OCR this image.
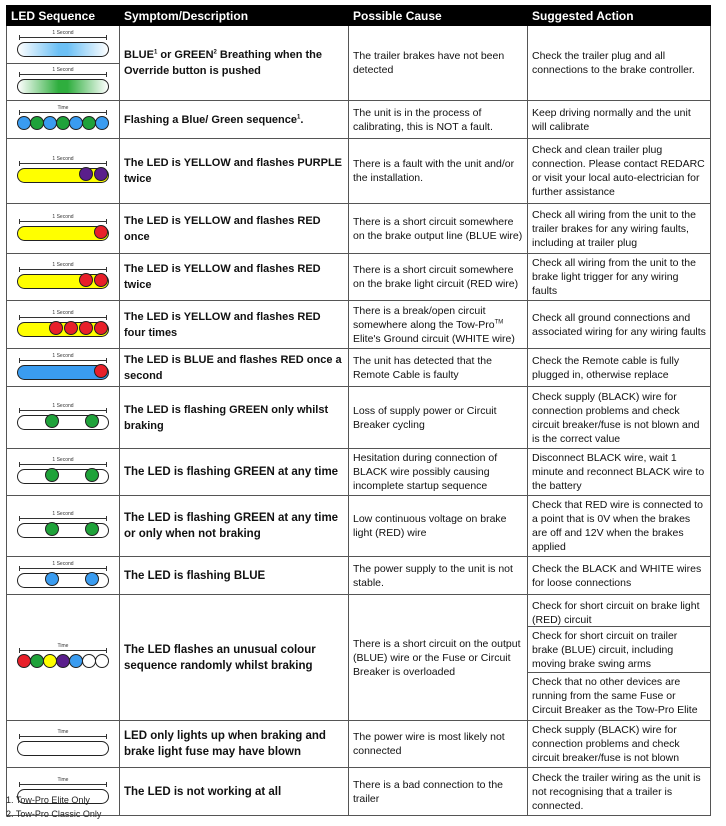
LED Sequence	Symptom/Description	Possible Cause	Suggested Action

1 Second	BLUE$^1$ or GREEN$^2$ Breathing when the Override button is pushed	The trailer brakes have not been detected	Check the trailer plug and all connections to the brake controller.

1 Second			

Time	Flashing a Blue/ Green sequence$^1$.	The unit is in the process of calibrating, this is NOT a fault.	Keep driving normally and the unit will calibrate

1 Second	The LED is YELLOW and flashes PURPLE twice	There is a fault with the unit and/or the installation.	Check and clean trailer plug connection. Please contact REDARC or visit your local auto-electrician for further assistance

1 Second	The LED is YELLOW and flashes RED once	There is a short circuit somewhere on the brake output line (BLUE wire)	Check all wiring from the unit to the trailer brakes for any wiring faults, including at trailer plug

1 Second	The LED is YELLOW and flashes RED twice	There is a short circuit somewhere on the brake light circuit (RED wire)	Check all wiring from the unit to the brake light trigger for any wiring faults

1 Second	The LED is YELLOW and flashes RED four times	There is a break/open circuit somewhere along the Tow-Pro™ Elite's Ground circuit (WHITE wire)	Check all ground connections and associated wiring for any wiring faults

1 Second	The LED is BLUE and flashes RED once a second	The unit has detected that the Remote Cable is faulty	Check the Remote cable is fully plugged in, otherwise replace

1 Second	The LED is flashing GREEN only whilst braking	Loss of supply power or Circuit Breaker cycling	Check supply (BLACK) wire for connection problems and check circuit breaker/fuse is not blown and is the correct value

1 Second	The LED is flashing GREEN at any time	Hesitation during connection of BLACK wire possibly causing incomplete startup sequence	Disconnect BLACK wire, wait 1 minute and reconnect BLACK wire to the battery

1 Second	The LED is flashing GREEN at any time or only when not braking	Low continuous voltage on brake light (RED) wire	Check that RED wire is connected to a point that is 0V when the brakes are off and 12V when the brakes applied

1 Second	The LED is flashing BLUE	The power supply to the unit is not stable.	Check the BLACK and WHITE wires for loose connections

Time	The LED flashes an unusual colour sequence randomly whilst braking	There is a short circuit on the output (BLUE) wire or the Fuse or Circuit Breaker is overloaded	Check for short circuit on brake light (RED) circuit
Check for short circuit on trailer brake (BLUE) circuit, including moving brake swing arms
Check that no other devices are running from the same Fuse or Circuit Breaker as the Tow-Pro Elite

Time	LED only lights up when braking and brake light fuse may have blown	The power wire is most likely not connected	Check supply (BLACK) wire for connection problems and check circuit breaker/fuse is not blown

Time	The LED is not working at all	There is a bad connection to the trailer	Check the trailer wiring as the unit is not recognising that a trailer is connected.
1. Tow-Pro Elite Only
2. Tow-Pro Classic Only
